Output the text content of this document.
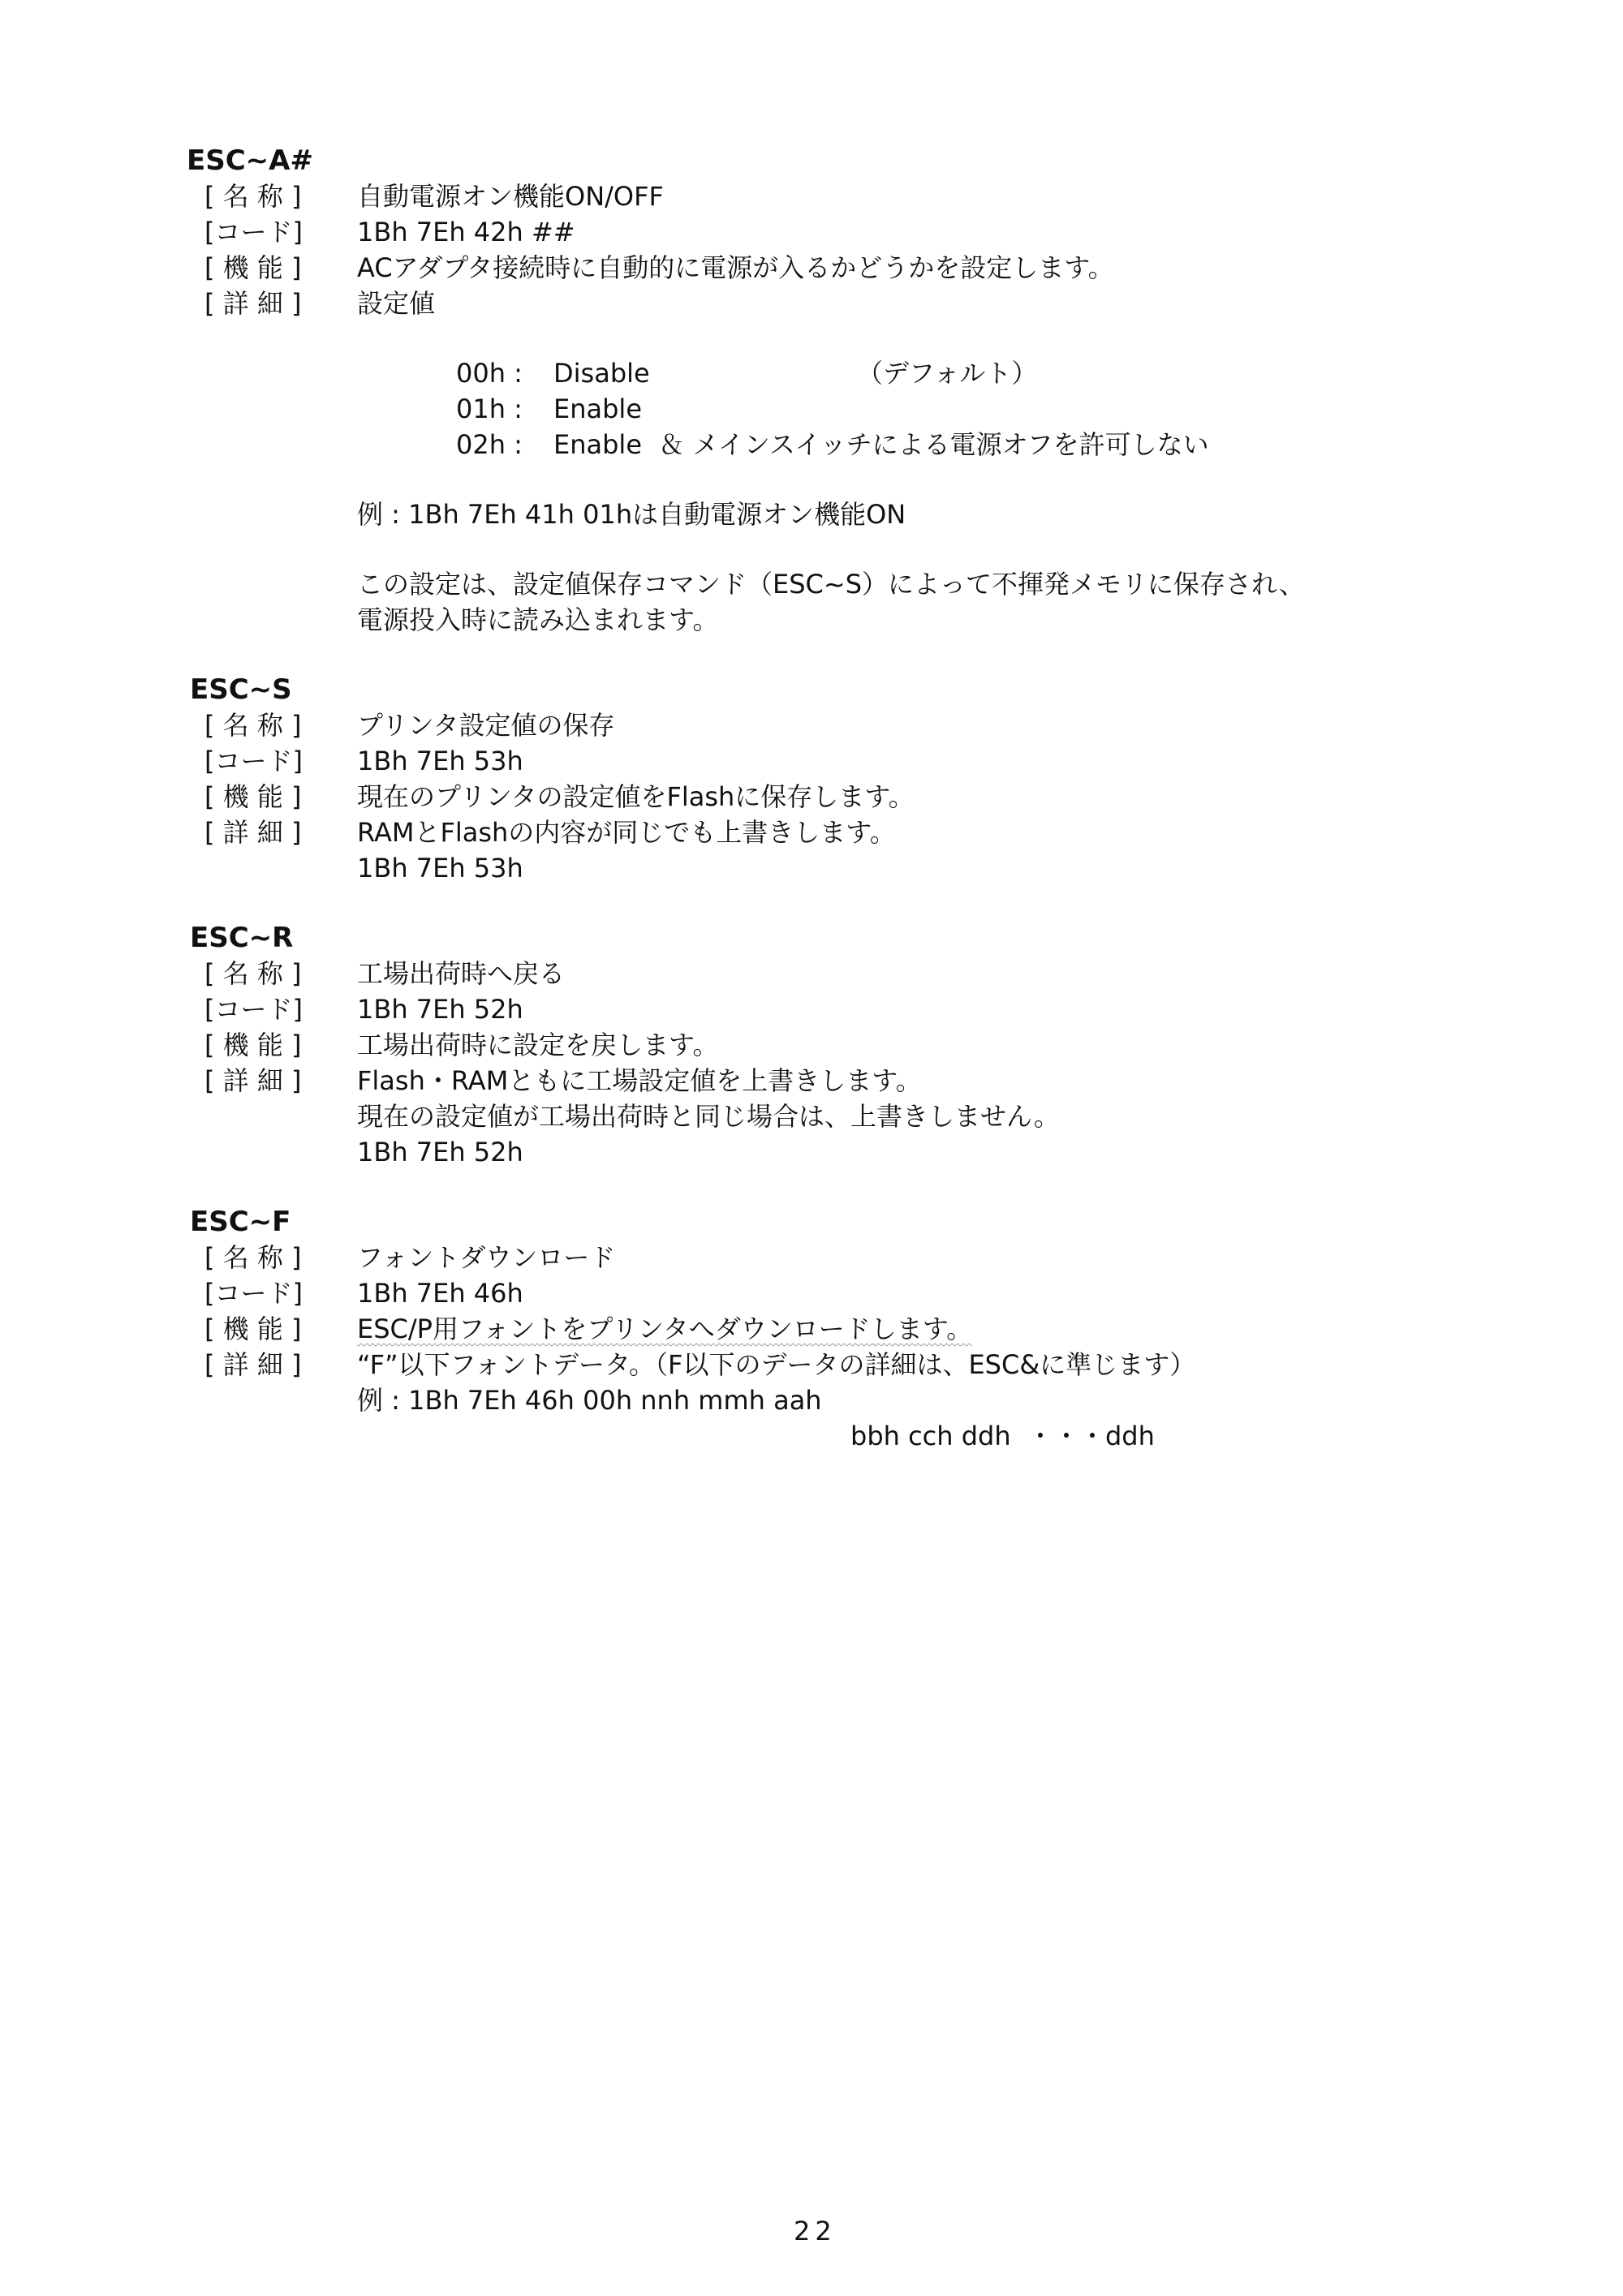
ESC~A#
[ 名 称 ] 自動電源オン機能ON/OFF
[コード] 1Bh 7Eh 42h ##
[ 機 能 ] ACアダプタ接続時に自動的に電源が入るかどうかを設定します。
[ 詳 細 ] 設定値
00h : Disable	（デフォルト）
01h : Enable
02h : Enable  ＆ メインスイッチによる電源オフを許可しない
例 : 1Bh 7Eh 41h 01hは自動電源オン機能ON
この設定は、設定値保存コマンド（ESC~S）によって不揮発メモリに保存され、
電源投入時に読み込まれます。
ESC~S
[ 名 称 ] プリンタ設定値の保存
[コード] 1Bh 7Eh 53h
[ 機 能 ] 現在のプリンタの設定値をFlashに保存します。
[ 詳 細 ] RAMとFlashの内容が同じでも上書きします。
1Bh 7Eh 53h
ESC~R
[ 名 称 ] 工場出荷時へ戻る
[コード] 1Bh 7Eh 52h
[ 機 能 ] 工場出荷時に設定を戻します。
[ 詳 細 ] Flash・RAMともに工場設定値を上書きします。
現在の設定値が工場出荷時と同じ場合は、上書きしません。
1Bh 7Eh 52h
ESC~F
[ 名 称 ] フォントダウンロード
[コード] 1Bh 7Eh 46h
[ 機 能 ] ESC/P用フォントをプリンタへダウンロードします。
[ 詳 細 ] “F”以下フォントデータ。（F以下のデータの詳細は、ESC&に準じます）
例 : 1Bh 7Eh 46h 00h nnh mmh aah
bbh cch ddh  ・・・ddh
22
